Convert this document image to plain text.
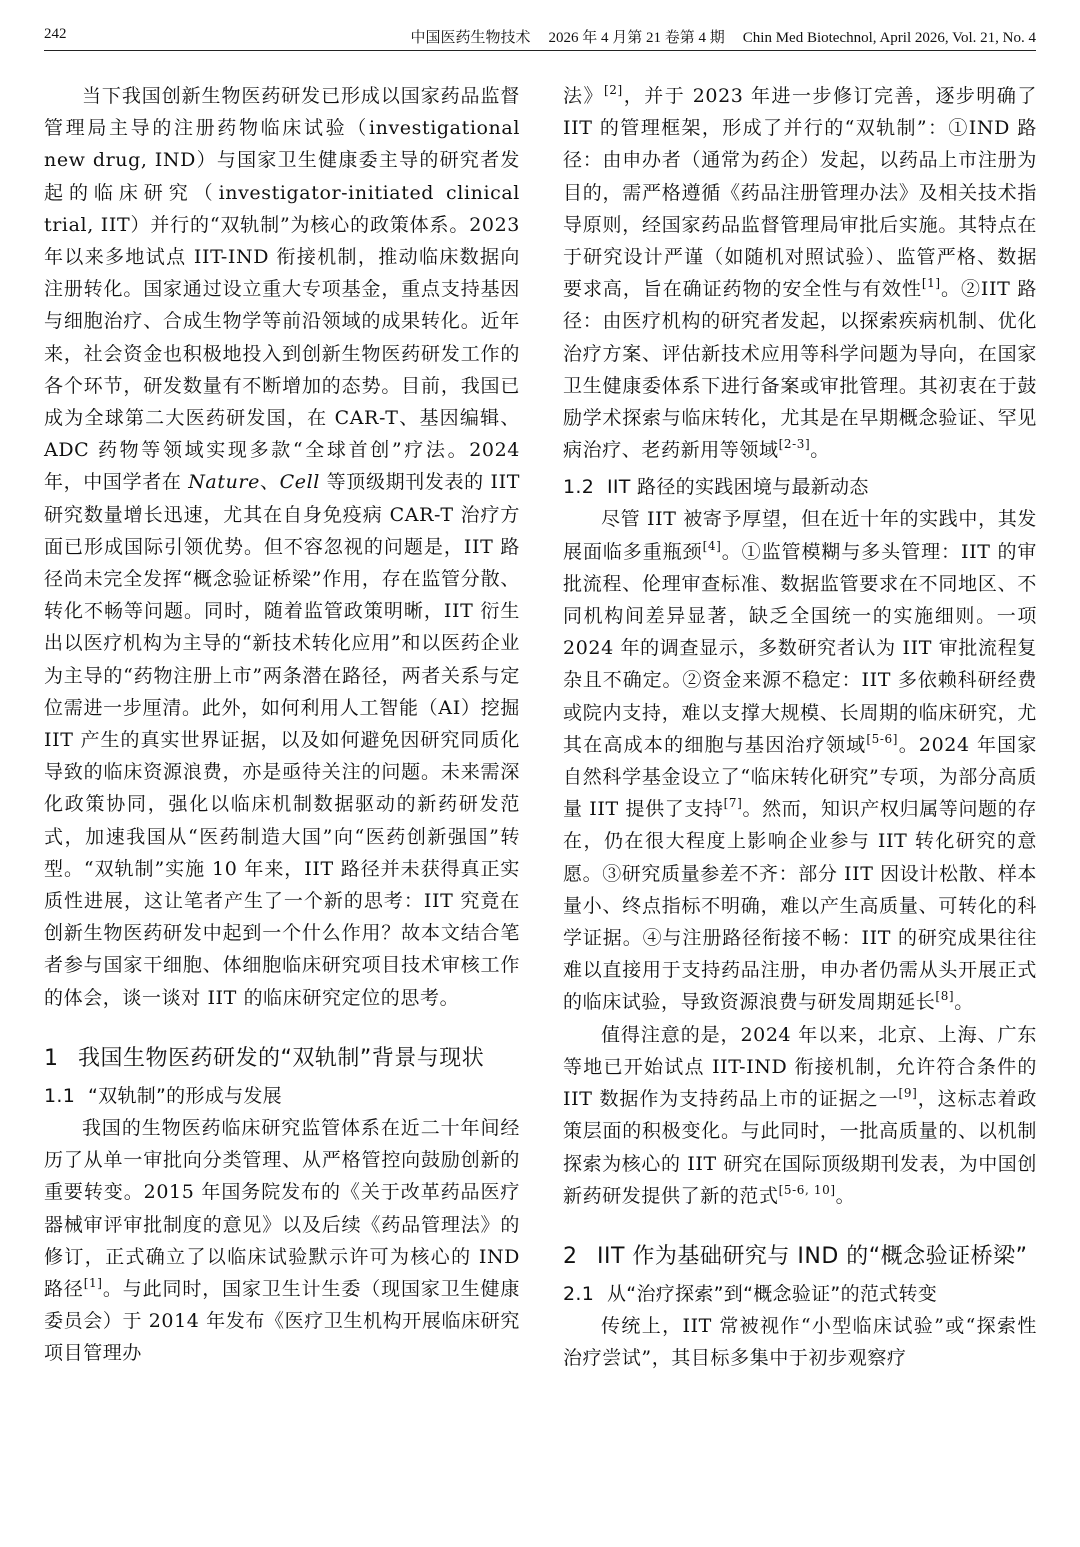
242	中国医药生物技术 2026 年 4 月第 21 卷第 4 期 Chin Med Biotechnol, April 2026, Vol. 21, No. 4

当下我国创新生物医药研发已形成以国家药品监督管理局主导的注册药物临床试验（investigational new drug, IND）与国家卫生健康委主导的研究者发起的临床研究（investigator-initiated clinical trial, IIT）并行的“双轨制”为核心的政策体系。2023 年以来多地试点 IIT-IND 衔接机制，推动临床数据向注册转化。国家通过设立重大专项基金，重点支持基因与细胞治疗、合成生物学等前沿领域的成果转化。近年来，社会资金也积极地投入到创新生物医药研发工作的各个环节，研发数量有不断增加的态势。目前，我国已成为全球第二大医药研发国，在 CAR-T、基因编辑、ADC 药物等领域实现多款“全球首创”疗法。2024 年，中国学者在 Nature、Cell 等顶级期刊发表的 IIT 研究数量增长迅速，尤其在自身免疫病 CAR-T 治疗方面已形成国际引领优势。但不容忽视的问题是，IIT 路径尚未完全发挥“概念验证桥梁”作用，存在监管分散、转化不畅等问题。同时，随着监管政策明晰，IIT 衍生出以医疗机构为主导的“新技术转化应用”和以医药企业为主导的“药物注册上市”两条潜在路径，两者关系与定位需进一步厘清。此外，如何利用人工智能（AI）挖掘 IIT 产生的真实世界证据，以及如何避免因研究同质化导致的临床资源浪费，亦是亟待关注的问题。未来需深化政策协同，强化以临床机制数据驱动的新药研发范式，加速我国从“医药制造大国”向“医药创新强国”转型。“双轨制”实施 10 年来，IIT 路径并未获得真正实质性进展，这让笔者产生了一个新的思考：IIT 究竟在创新生物医药研发中起到一个什么作用？故本文结合笔者参与国家干细胞、体细胞临床研究项目技术审核工作的体会，谈一谈对 IIT 的临床研究定位的思考。

1 我国生物医药研发的“双轨制”背景与现状
1.1 “双轨制”的形成与发展

我国的生物医药临床研究监管体系在近二十年间经历了从单一审批向分类管理、从严格管控向鼓励创新的重要转变。2015 年国务院发布的《关于改革药品医疗器械审评审批制度的意见》以及后续《药品管理法》的修订，正式确立了以临床试验默示许可为核心的 IND 路径[1]。与此同时，国家卫生计生委（现国家卫生健康委员会）于 2014 年发布《医疗卫生机构开展临床研究项目管理办

法》[2]，并于 2023 年进一步修订完善，逐步明确了 IIT 的管理框架，形成了并行的“双轨制”：①IND 路径：由申办者（通常为药企）发起，以药品上市注册为目的，需严格遵循《药品注册管理办法》及相关技术指导原则，经国家药品监督管理局审批后实施。其特点在于研究设计严谨（如随机对照试验）、监管严格、数据要求高，旨在确证药物的安全性与有效性[1]。②IIT 路径：由医疗机构的研究者发起，以探索疾病机制、优化治疗方案、评估新技术应用等科学问题为导向，在国家卫生健康委体系下进行备案或审批管理。其初衷在于鼓励学术探索与临床转化，尤其是在早期概念验证、罕见病治疗、老药新用等领域[2-3]。

1.2 IIT 路径的实践困境与最新动态

尽管 IIT 被寄予厚望，但在近十年的实践中，其发展面临多重瓶颈[4]。①监管模糊与多头管理：IIT 的审批流程、伦理审查标准、数据监管要求在不同地区、不同机构间差异显著，缺乏全国统一的实施细则。一项 2024 年的调查显示，多数研究者认为 IIT 审批流程复杂且不确定。②资金来源不稳定：IIT 多依赖科研经费或院内支持，难以支撑大规模、长周期的临床研究，尤其在高成本的细胞与基因治疗领域[5-6]。2024 年国家自然科学基金设立了“临床转化研究”专项，为部分高质量 IIT 提供了支持[7]。然而，知识产权归属等问题的存在，仍在很大程度上影响企业参与 IIT 转化研究的意愿。③研究质量参差不齐：部分 IIT 因设计松散、样本量小、终点指标不明确，难以产生高质量、可转化的科学证据。④与注册路径衔接不畅：IIT 的研究成果往往难以直接用于支持药品注册，申办者仍需从头开展正式的临床试验，导致资源浪费与研发周期延长[8]。

值得注意的是，2024 年以来，北京、上海、广东等地已开始试点 IIT-IND 衔接机制，允许符合条件的 IIT 数据作为支持药品上市的证据之一[9]，这标志着政策层面的积极变化。与此同时，一批高质量的、以机制探索为核心的 IIT 研究在国际顶级期刊发表，为中国创新药研发提供了新的范式[5-6, 10]。

2 IIT 作为基础研究与 IND 的“概念验证桥梁”
2.1 从“治疗探索”到“概念验证”的范式转变

传统上，IIT 常被视作“小型临床试验”或“探索性治疗尝试”，其目标多集中于初步观察疗
